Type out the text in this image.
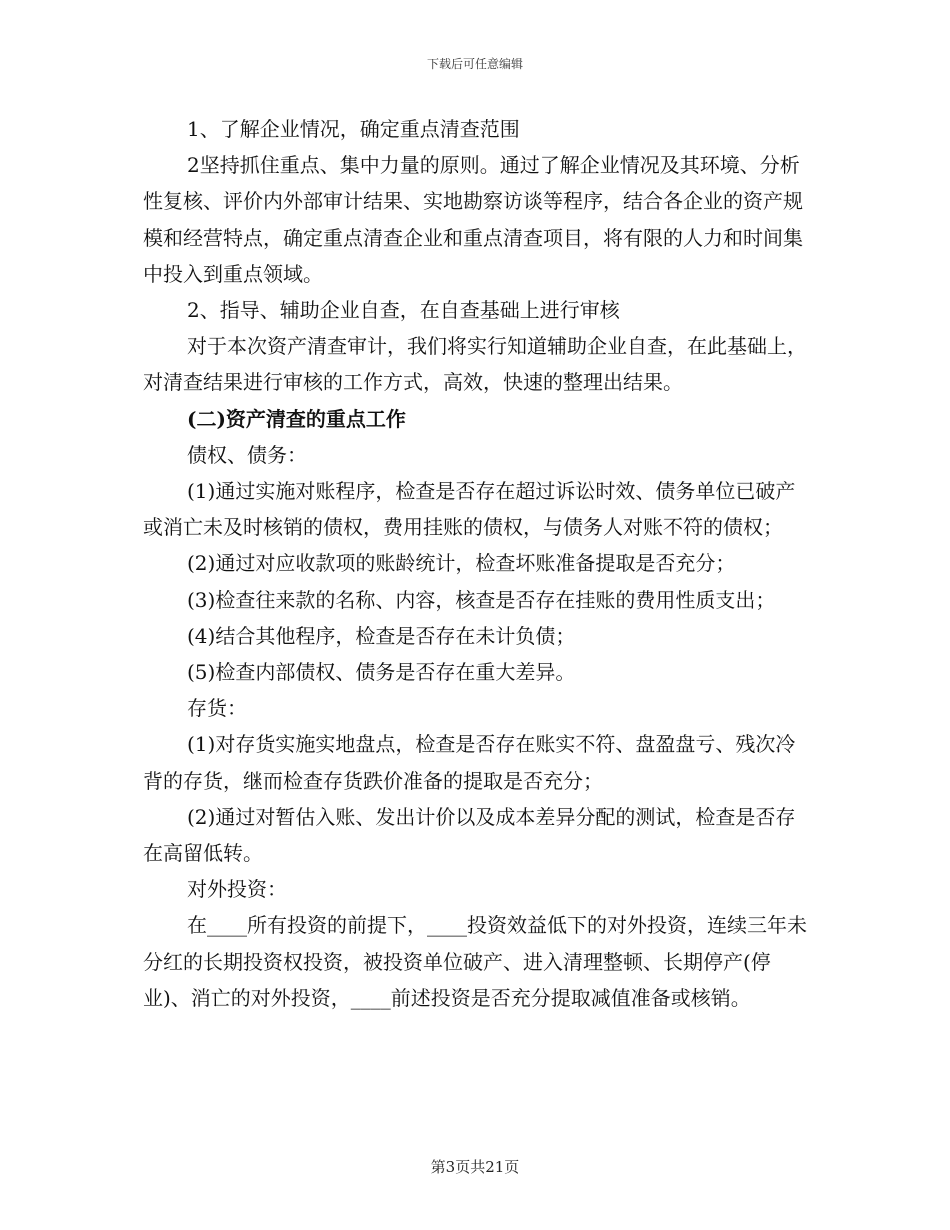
下载后可任意编辑

1、了解企业情况，确定重点清查范围

2坚持抓住重点、集中力量的原则。通过了解企业情况及其环境、分析性复核、评价内外部审计结果、实地勘察访谈等程序，结合各企业的资产规模和经营特点，确定重点清查企业和重点清查项目，将有限的人力和时间集中投入到重点领域。

2、指导、辅助企业自查，在自查基础上进行审核

对于本次资产清查审计，我们将实行知道辅助企业自查，在此基础上，对清查结果进行审核的工作方式，高效，快速的整理出结果。

(二)资产清查的重点工作

债权、债务：

(1)通过实施对账程序，检查是否存在超过诉讼时效、债务单位已破产或消亡未及时核销的债权，费用挂账的债权，与债务人对账不符的债权；

(2)通过对应收款项的账龄统计，检查坏账准备提取是否充分；

(3)检查往来款的名称、内容，核查是否存在挂账的费用性质支出；

(4)结合其他程序，检查是否存在未计负债；

(5)检查内部债权、债务是否存在重大差异。

存货：

(1)对存货实施实地盘点，检查是否存在账实不符、盘盈盘亏、残次冷背的存货，继而检查存货跌价准备的提取是否充分；

(2)通过对暂估入账、发出计价以及成本差异分配的测试，检查是否存在高留低转。

对外投资：

在____所有投资的前提下，____投资效益低下的对外投资，连续三年未分红的长期投资权投资，被投资单位破产、进入清理整顿、长期停产(停业)、消亡的对外投资，____前述投资是否充分提取减值准备或核销。

第3页共21页
